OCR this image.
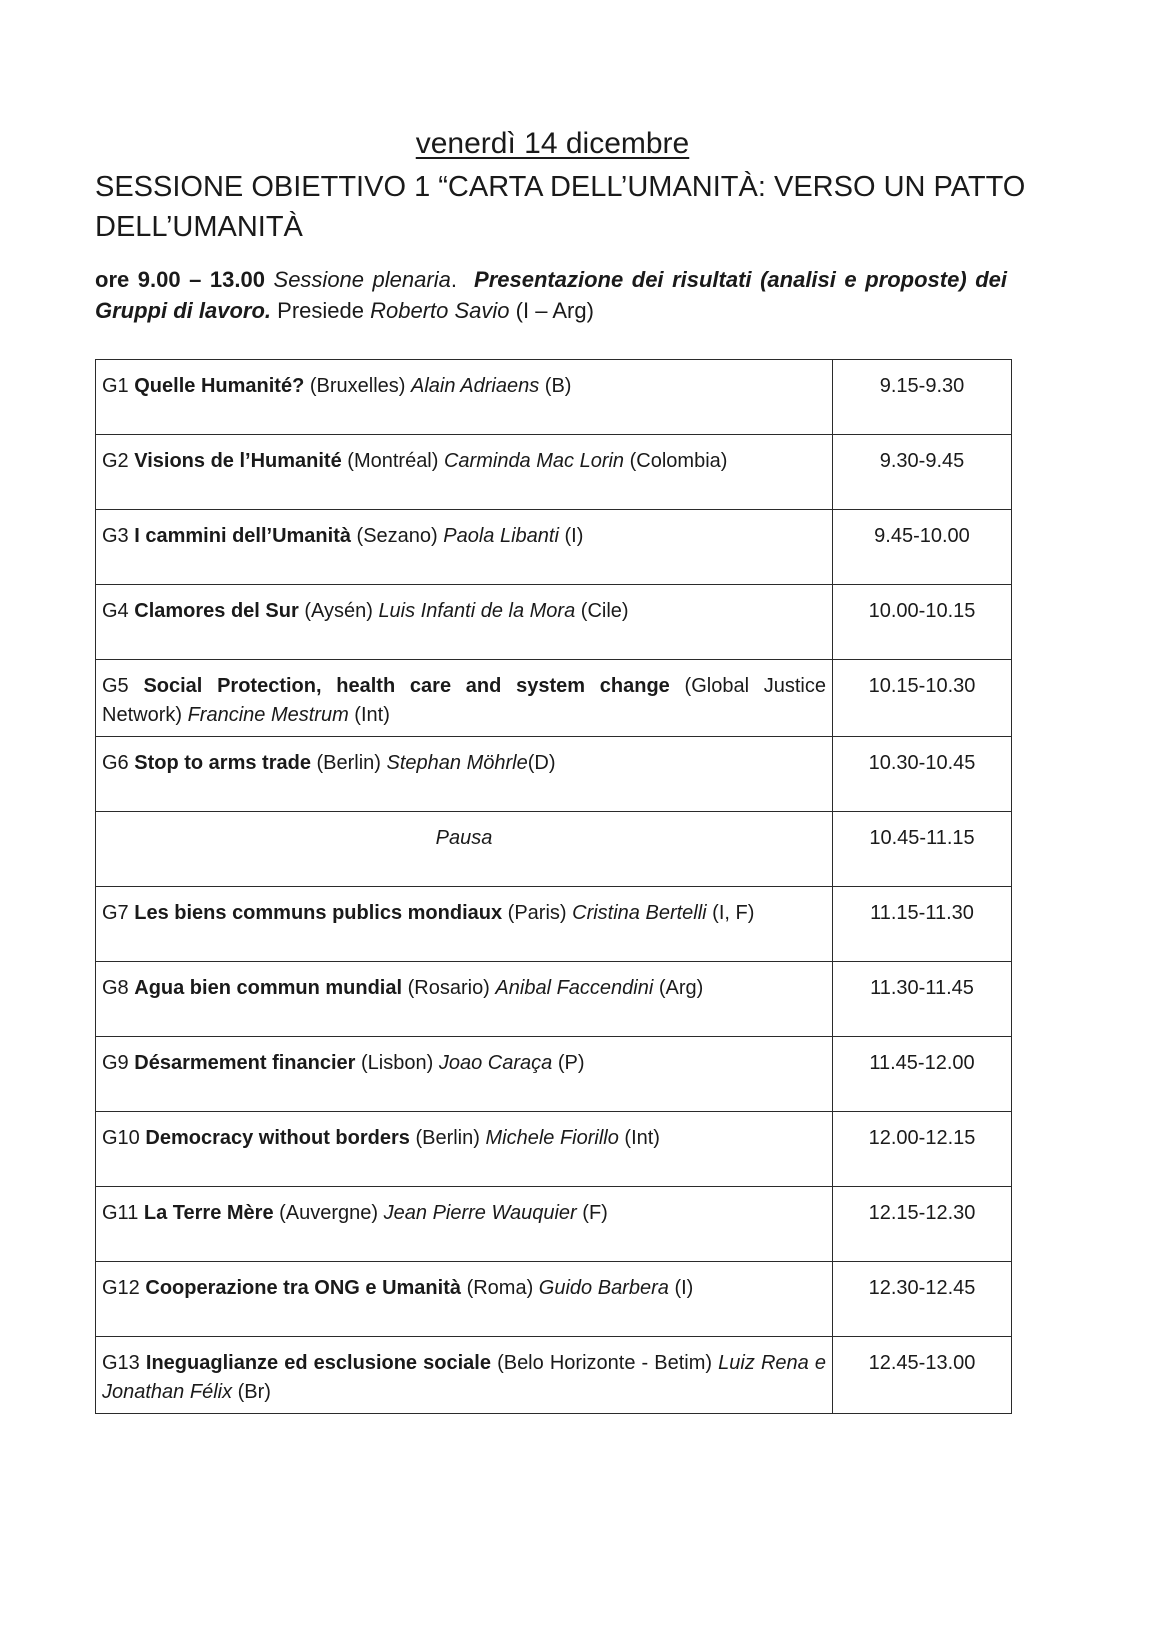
venerdì 14 dicembre
SESSIONE OBIETTIVO 1 “CARTA DELL’UMANITÀ: VERSO UN PATTO DELL’UMANITÀ
ore 9.00 – 13.00 Sessione plenaria.  Presentazione dei risultati (analisi e proposte) dei Gruppi di lavoro. Presiede Roberto Savio (I – Arg)
G1 Quelle Humanité? (Bruxelles) Alain Adriaens (B)	9.15-9.30
G2 Visions de l’Humanité (Montréal) Carminda Mac Lorin (Colombia)	9.30-9.45
G3 I cammini dell’Umanità (Sezano) Paola Libanti (I)	9.45-10.00
G4 Clamores del Sur (Aysén) Luis Infanti de la Mora (Cile)	10.00-10.15
G5 Social Protection, health care and system change (Global Justice Network) Francine Mestrum (Int)	10.15-10.30
G6 Stop to arms trade (Berlin) Stephan Möhrle(D)	10.30-10.45
Pausa	10.45-11.15
G7 Les biens communs publics mondiaux (Paris) Cristina Bertelli (I, F)	11.15-11.30
G8 Agua bien commun mundial (Rosario) Anibal Faccendini (Arg)	11.30-11.45
G9 Désarmement financier (Lisbon) Joao Caraça (P)	11.45-12.00
G10 Democracy without borders (Berlin) Michele Fiorillo (Int)	12.00-12.15
G11 La Terre Mère (Auvergne) Jean Pierre Wauquier (F)	12.15-12.30
G12 Cooperazione tra ONG e Umanità (Roma) Guido Barbera (I)	12.30-12.45
G13 Ineguaglianze ed esclusione sociale (Belo Horizonte - Betim) Luiz Rena e Jonathan Félix (Br)	12.45-13.00
